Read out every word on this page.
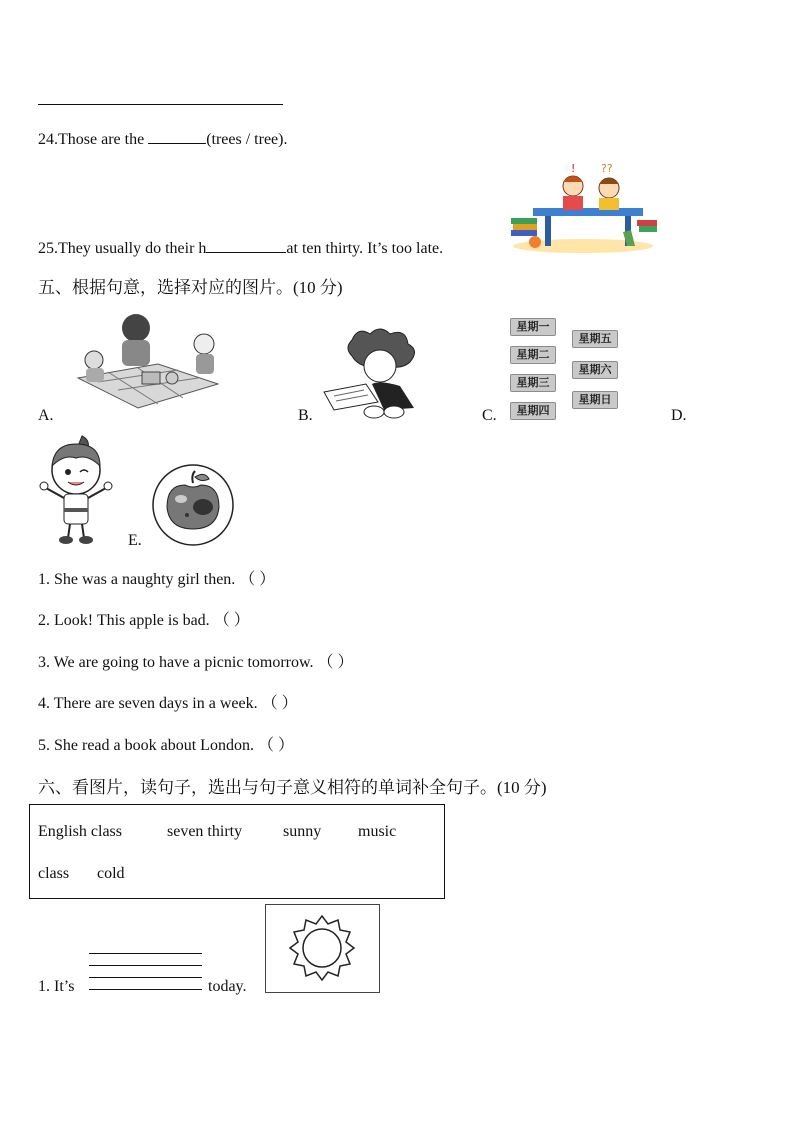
24.Those are the	(trees / tree).
! ??
25.They usually do their h	at ten thirty. It’s too late.
五、根据句意，选择对应的图片。(10 分)
A.	B.
星期一
星期二
星期三
星期四
星期五
星期六
星期日
C.	D.
E.
1. She was a naughty girl then. （ ）
2. Look! This apple is bad. （ ）
3. We are going to have a picnic tomorrow. （ ）
4. There are seven days in a week. （ ）
5. She read a book about London. （ ）
六、看图片，读句子，选出与句子意义相符的单词补全句子。(10 分)
English class	seven thirty	sunny music
class cold
1. It’s	today.
